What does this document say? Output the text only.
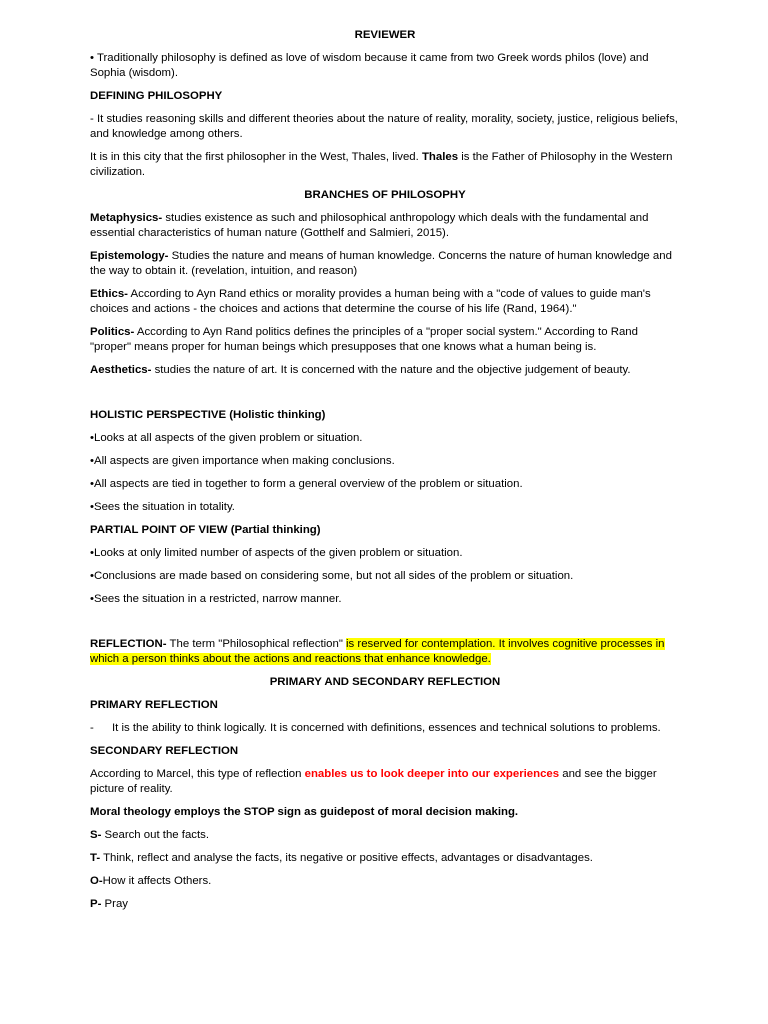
REVIEWER

• Traditionally philosophy is defined as love of wisdom because it came from two Greek words philos (love) and Sophia (wisdom).

DEFINING PHILOSOPHY

- It studies reasoning skills and different theories about the nature of reality, morality, society, justice, religious beliefs, and knowledge among others.

It is in this city that the first philosopher in the West, Thales, lived. Thales is the Father of Philosophy in the Western civilization.

BRANCHES OF PHILOSOPHY

Metaphysics- studies existence as such and philosophical anthropology which deals with the fundamental and essential characteristics of human nature (Gotthelf and Salmieri, 2015).

Epistemology- Studies the nature and means of human knowledge. Concerns the nature of human knowledge and the way to obtain it. (revelation, intuition, and reason)

Ethics- According to Ayn Rand ethics or morality provides a human being with a "code of values to guide man's choices and actions - the choices and actions that determine the course of his life (Rand, 1964)."

Politics- According to Ayn Rand politics defines the principles of a "proper social system." According to Rand "proper" means proper for human beings which presupposes that one knows what a human being is.

Aesthetics- studies the nature of art. It is concerned with the nature and the objective judgement of beauty.

HOLISTIC PERSPECTIVE (Holistic thinking)

•Looks at all aspects of the given problem or situation.

•All aspects are given importance when making conclusions.

•All aspects are tied in together to form a general overview of the problem or situation.

•Sees the situation in totality.

PARTIAL POINT OF VIEW (Partial thinking)

•Looks at only limited number of aspects of the given problem or situation.

•Conclusions are made based on considering some, but not all sides of the problem or situation.

•Sees the situation in a restricted, narrow manner.

REFLECTION- The term "Philosophical reflection" is reserved for contemplation. It involves cognitive processes in which a person thinks about the actions and reactions that enhance knowledge.

PRIMARY AND SECONDARY REFLECTION

PRIMARY REFLECTION

- It is the ability to think logically. It is concerned with definitions, essences and technical solutions to problems.

SECONDARY REFLECTION

According to Marcel, this type of reflection enables us to look deeper into our experiences and see the bigger picture of reality.

Moral theology employs the STOP sign as guidepost of moral decision making.

S- Search out the facts.

T- Think, reflect and analyse the facts, its negative or positive effects, advantages or disadvantages.

O-How it affects Others.

P- Pray
